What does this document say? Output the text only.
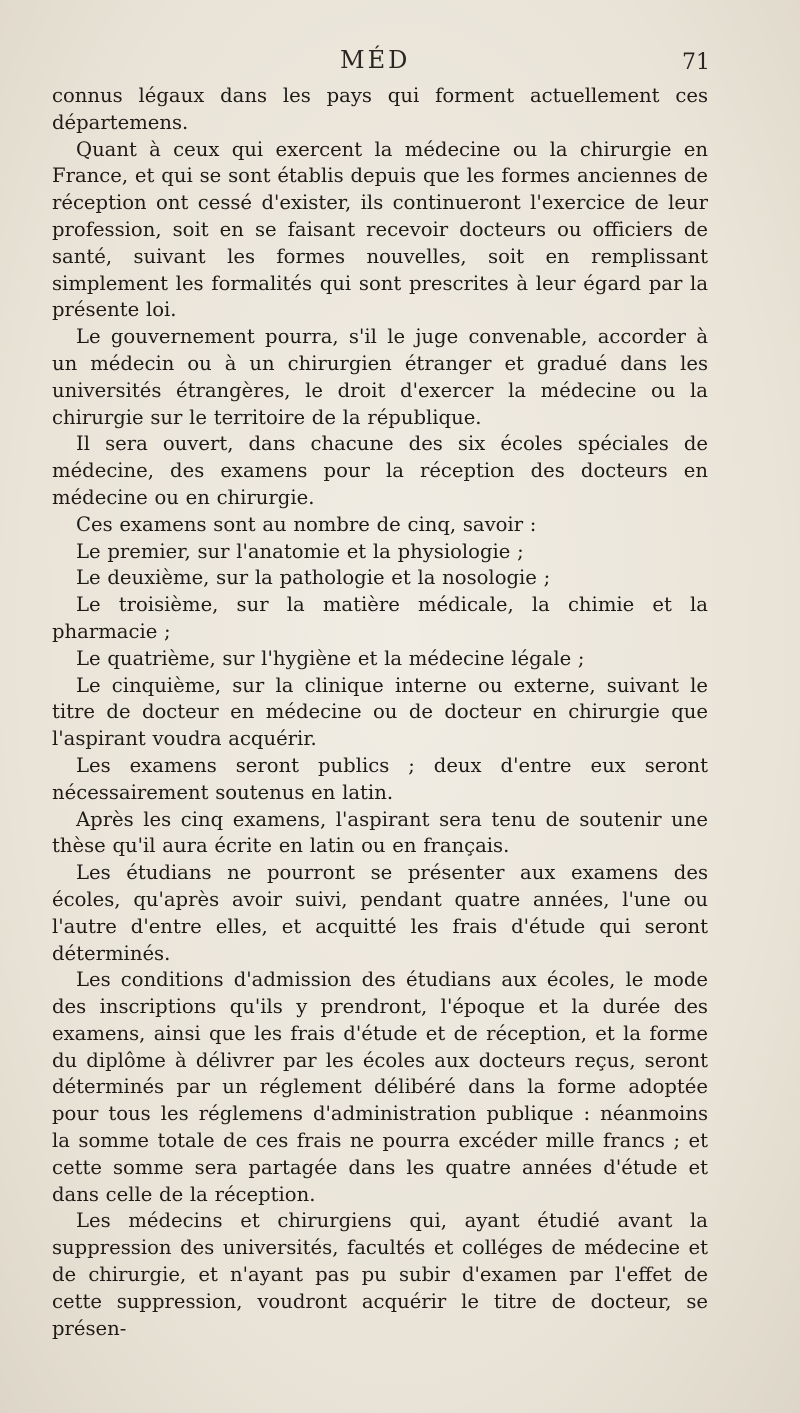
MÉD	71

connus légaux dans les pays qui forment actuellement ces départemens.

Quant à ceux qui exercent la médecine ou la chirurgie en France, et qui se sont établis depuis que les formes anciennes de réception ont cessé d'exister, ils continueront l'exercice de leur profession, soit en se faisant recevoir docteurs ou officiers de santé, suivant les formes nouvelles, soit en remplissant simplement les formalités qui sont prescrites à leur égard par la présente loi.

Le gouvernement pourra, s'il le juge convenable, accorder à un médecin ou à un chirurgien étranger et gradué dans les universités étrangères, le droit d'exercer la médecine ou la chirurgie sur le territoire de la république.

Il sera ouvert, dans chacune des six écoles spéciales de médecine, des examens pour la réception des docteurs en médecine ou en chirurgie.

Ces examens sont au nombre de cinq, savoir :

Le premier, sur l'anatomie et la physiologie ;

Le deuxième, sur la pathologie et la nosologie ;

Le troisième, sur la matière médicale, la chimie et la pharmacie ;

Le quatrième, sur l'hygiène et la médecine légale ;

Le cinquième, sur la clinique interne ou externe, suivant le titre de docteur en médecine ou de docteur en chirurgie que l'aspirant voudra acquérir.

Les examens seront publics ; deux d'entre eux seront nécessairement soutenus en latin.

Après les cinq examens, l'aspirant sera tenu de soutenir une thèse qu'il aura écrite en latin ou en français.

Les étudians ne pourront se présenter aux examens des écoles, qu'après avoir suivi, pendant quatre années, l'une ou l'autre d'entre elles, et acquitté les frais d'étude qui seront déterminés.

Les conditions d'admission des étudians aux écoles, le mode des inscriptions qu'ils y prendront, l'époque et la durée des examens, ainsi que les frais d'étude et de réception, et la forme du diplôme à délivrer par les écoles aux docteurs reçus, seront déterminés par un réglement délibéré dans la forme adoptée pour tous les réglemens d'administration publique : néanmoins la somme totale de ces frais ne pourra excéder mille francs ; et cette somme sera partagée dans les quatre années d'étude et dans celle de la réception.

Les médecins et chirurgiens qui, ayant étudié avant la suppression des universités, facultés et colléges de médecine et de chirurgie, et n'ayant pas pu subir d'examen par l'effet de cette suppression, voudront acquérir le titre de docteur, se présen-
